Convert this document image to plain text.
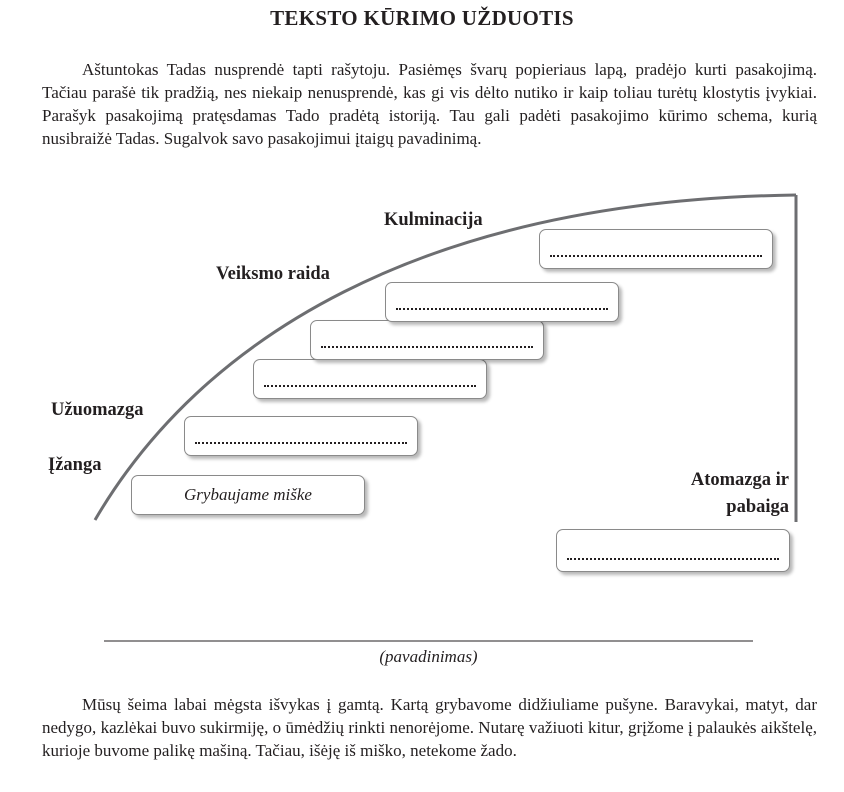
TEKSTO KŪRIMO UŽDUOTIS

Aštuntokas Tadas nusprendė tapti rašytoju. Pasiėmęs švarų popieriaus lapą, pradėjo kurti pasakojimą. Tačiau parašė tik pradžią, nes niekaip nenusprendė, kas gi vis dėlto nutiko ir kaip toliau turėtų klostytis įvykiai. Parašyk pasakojimą pratęsdamas Tado pradėtą istoriją. Tau gali padėti pasakojimo kūrimo schema, kurią nusibraižė Tadas. Sugalvok savo pasakojimui įtaigų pavadinimą.

Įžanga
Užuomazga
Veiksmo raida
Kulminacija
Atomazga ir pabaiga
Grybaujame miške
(pavadinimas)

Mūsų šeima labai mėgsta išvykas į gamtą. Kartą grybavome didžiuliame pušyne. Baravykai, matyt, dar nedygo, kazlėkai buvo sukirmiję, o ūmėdžių rinkti nenorėjome. Nutarę važiuoti kitur, grįžome į palaukės aikštelę, kurioje buvome palikę mašiną. Tačiau, išėję iš miško, netekome žado.
